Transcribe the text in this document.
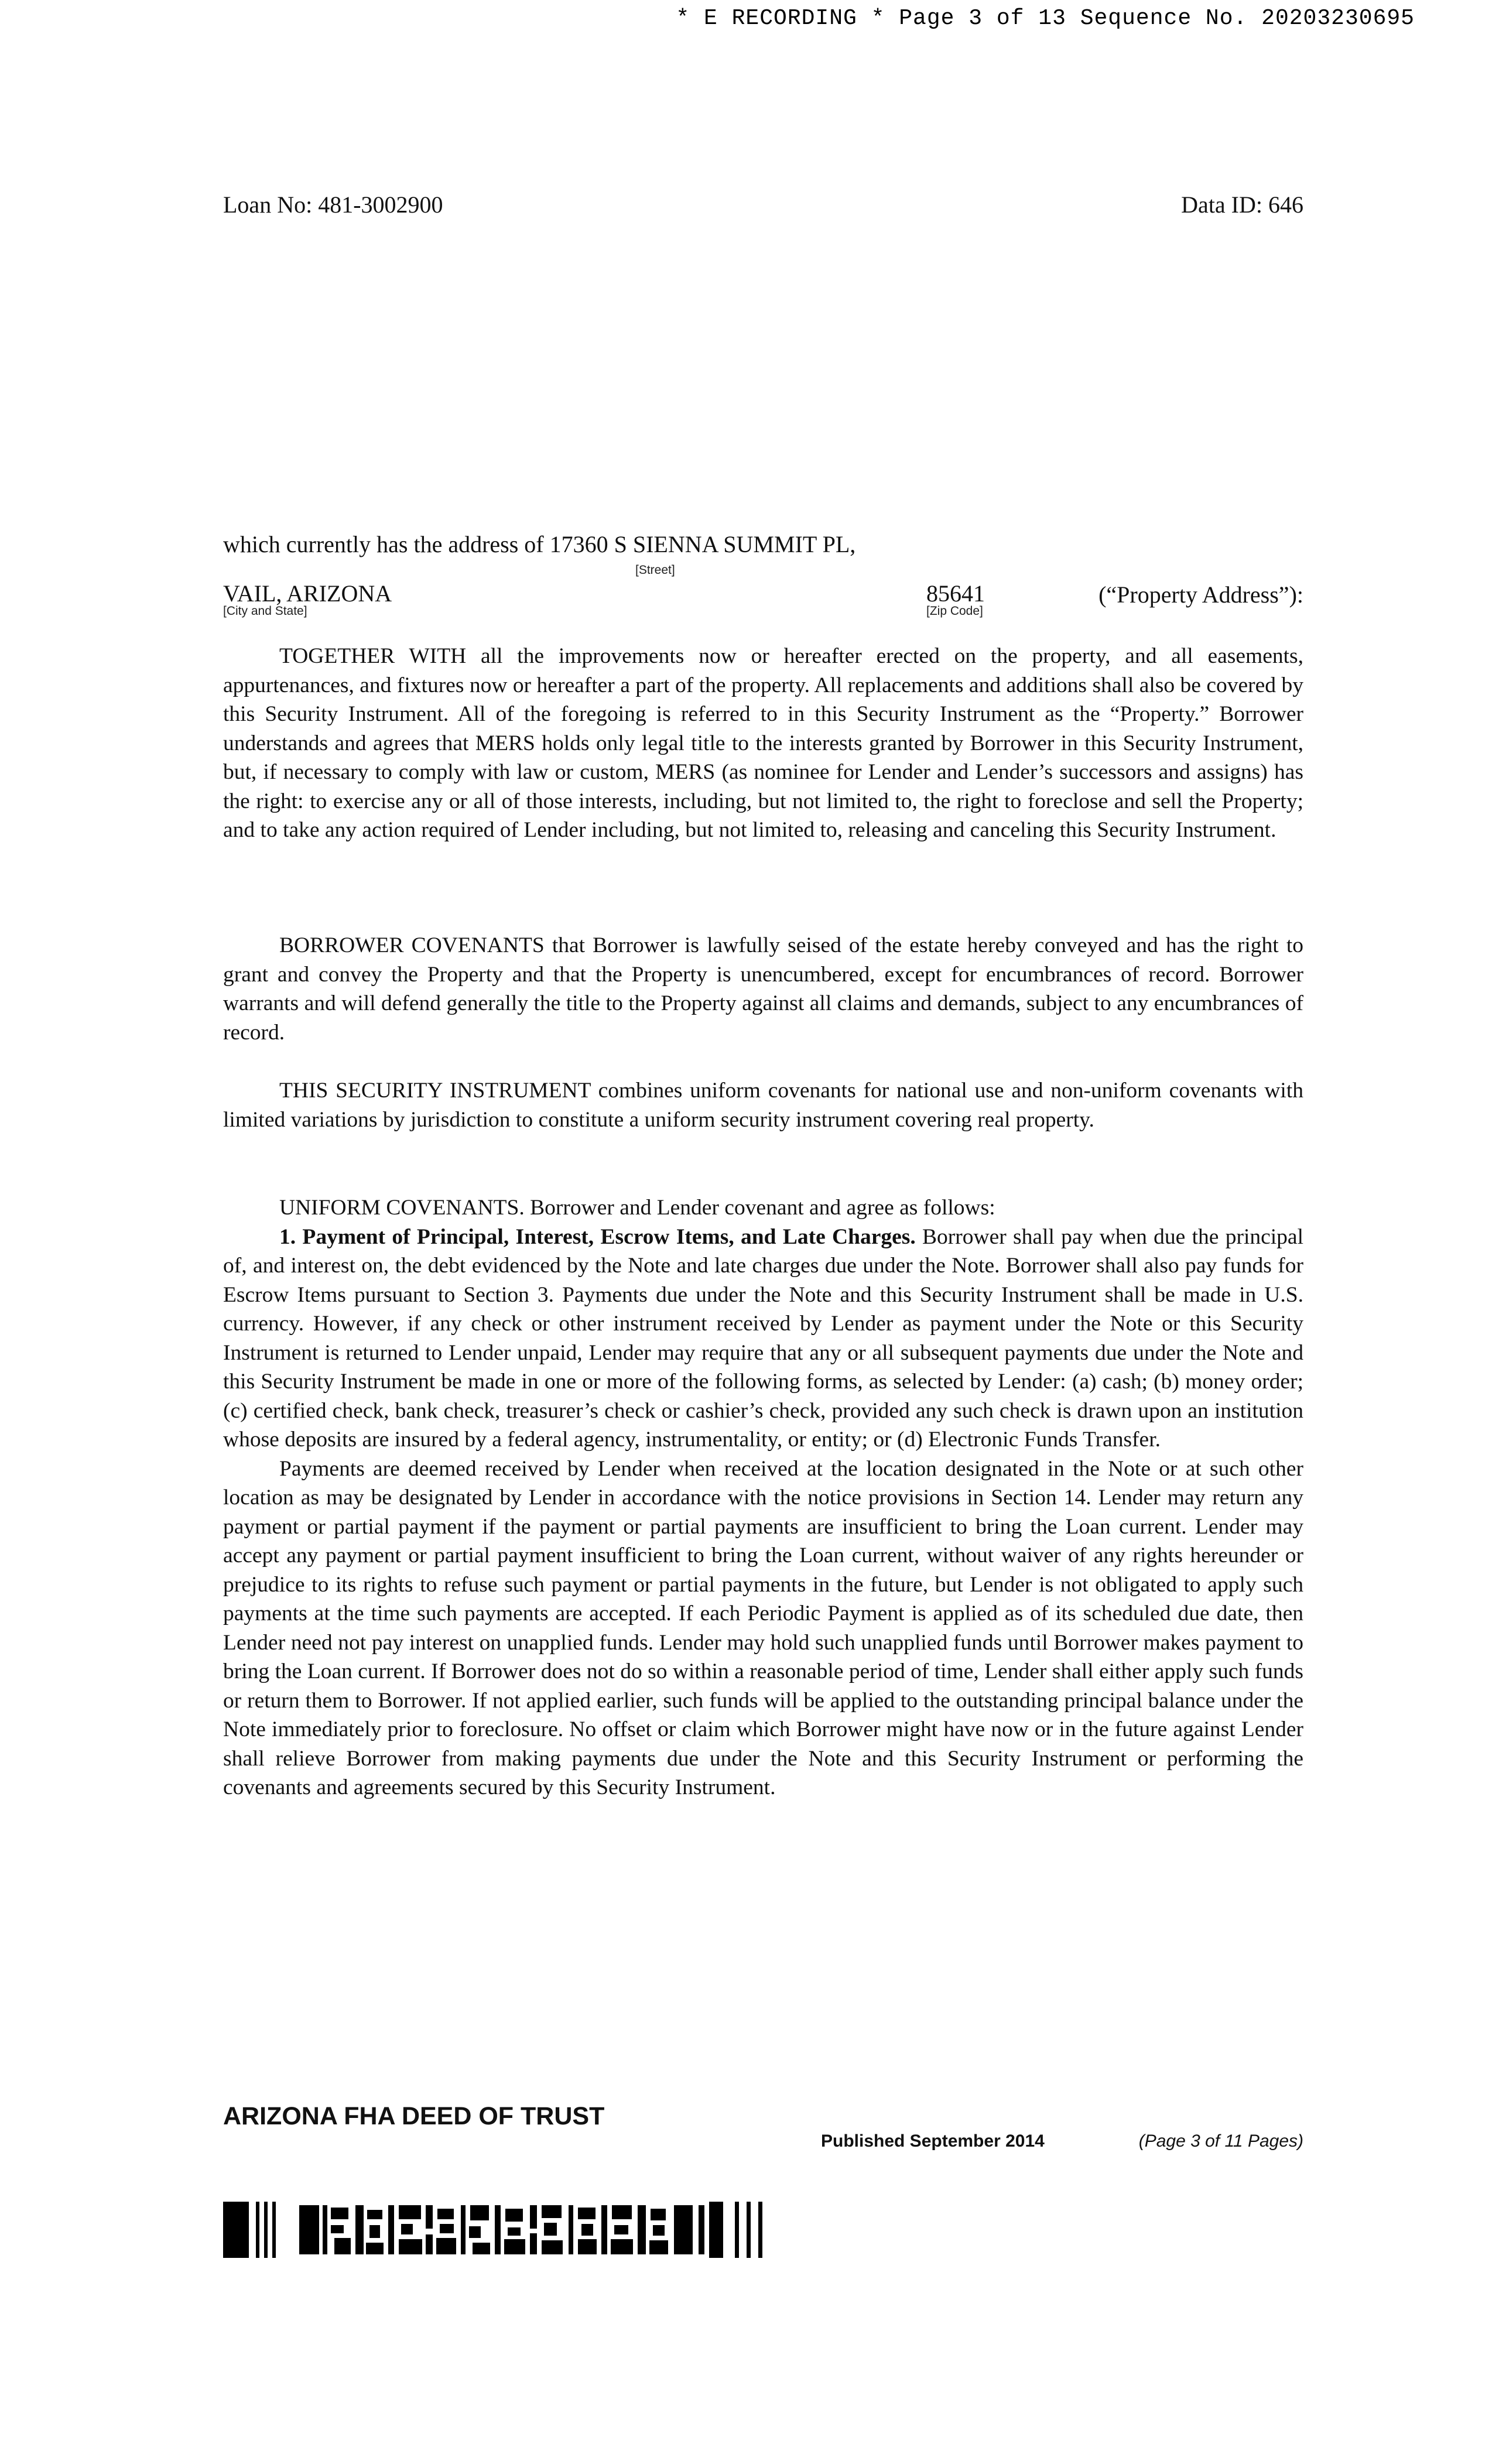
* E RECORDING * Page 3 of 13 Sequence No. 20203230695
Loan No: 481-3002900	Data ID: 646
which currently has the address of 17360 S SIENNA SUMMIT PL,
[Street]
VAIL, ARIZONA
[City and State]
85641
[Zip Code]
(“Property Address”):

TOGETHER WITH all the improvements now or hereafter erected on the property, and all easements, appurtenances, and fixtures now or hereafter a part of the property. All replacements and additions shall also be covered by this Security Instrument. All of the foregoing is referred to in this Security Instrument as the “Property.” Borrower understands and agrees that MERS holds only legal title to the interests granted by Borrower in this Security Instrument, but, if necessary to comply with law or custom, MERS (as nominee for Lender and Lender’s successors and assigns) has the right: to exercise any or all of those interests, including, but not limited to, the right to foreclose and sell the Property; and to take any action required of Lender including, but not limited to, releasing and canceling this Security Instrument.

BORROWER COVENANTS that Borrower is lawfully seised of the estate hereby conveyed and has the right to grant and convey the Property and that the Property is unencumbered, except for encumbrances of record. Borrower warrants and will defend generally the title to the Property against all claims and demands, subject to any encumbrances of record.

THIS SECURITY INSTRUMENT combines uniform covenants for national use and non-uniform covenants with limited variations by jurisdiction to constitute a uniform security instrument covering real property.

UNIFORM COVENANTS. Borrower and Lender covenant and agree as follows:

1. Payment of Principal, Interest, Escrow Items, and Late Charges. Borrower shall pay when due the principal of, and interest on, the debt evidenced by the Note and late charges due under the Note. Borrower shall also pay funds for Escrow Items pursuant to Section 3. Payments due under the Note and this Security Instrument shall be made in U.S. currency. However, if any check or other instrument received by Lender as payment under the Note or this Security Instrument is returned to Lender unpaid, Lender may require that any or all subsequent payments due under the Note and this Security Instrument be made in one or more of the following forms, as selected by Lender: (a) cash; (b) money order; (c) certified check, bank check, treasurer’s check or cashier’s check, provided any such check is drawn upon an institution whose deposits are insured by a federal agency, instrumentality, or entity; or (d) Electronic Funds Transfer.

Payments are deemed received by Lender when received at the location designated in the Note or at such other location as may be designated by Lender in accordance with the notice provisions in Section 14. Lender may return any payment or partial payment if the payment or partial payments are insufficient to bring the Loan current. Lender may accept any payment or partial payment insufficient to bring the Loan current, without waiver of any rights hereunder or prejudice to its rights to refuse such payment or partial payments in the future, but Lender is not obligated to apply such payments at the time such payments are accepted. If each Periodic Payment is applied as of its scheduled due date, then Lender need not pay interest on unapplied funds. Lender may hold such unapplied funds until Borrower makes payment to bring the Loan current. If Borrower does not do so within a reasonable period of time, Lender shall either apply such funds or return them to Borrower. If not applied earlier, such funds will be applied to the outstanding principal balance under the Note immediately prior to foreclosure. No offset or claim which Borrower might have now or in the future against Lender shall relieve Borrower from making payments due under the Note and this Security Instrument or performing the covenants and agreements secured by this Security Instrument.

ARIZONA FHA DEED OF TRUST
Published September 2014	(Page 3 of 11 Pages)
